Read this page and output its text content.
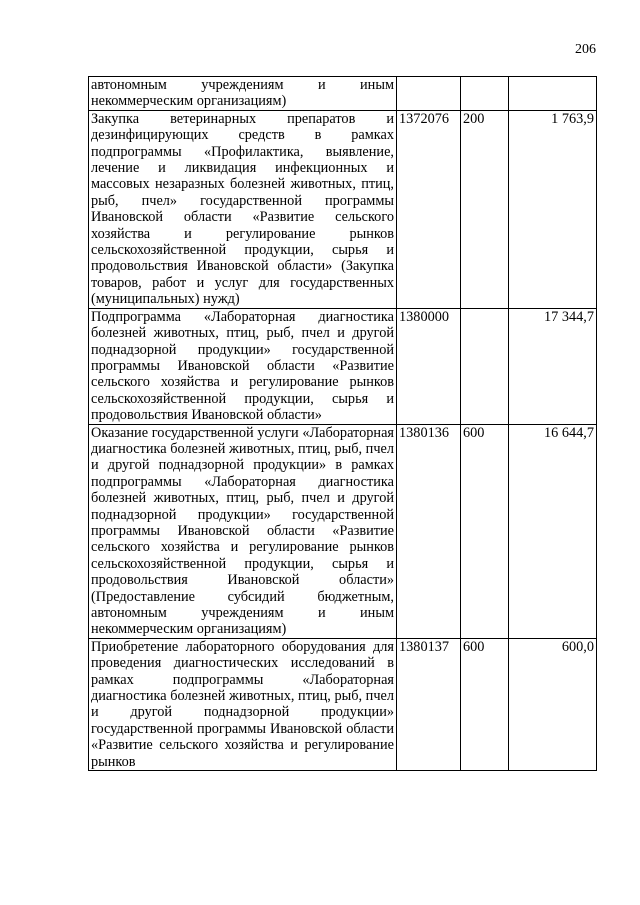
206
автономным учреждениям и иным некоммерческим организациям)			

Закупка ветеринарных препаратов и дезинфицирующих средств в рамках подпрограммы «Профилактика, выявление, лечение и ликвидация инфекционных и массовых незаразных болезней животных, птиц, рыб, пчел» государственной программы Ивановской области «Развитие сельского хозяйства и регулирование рынков сельскохозяйственной продукции, сырья и продовольствия Ивановской области» (Закупка товаров, работ и услуг для государственных (муниципальных) нужд)	1372076	200	1 763,9

Подпрограмма «Лабораторная диагностика болезней животных, птиц, рыб, пчел и другой поднадзорной продукции» государственной программы Ивановской области «Развитие сельского хозяйства и регулирование рынков сельскохозяйственной продукции, сырья и продовольствия Ивановской области»	1380000		17 344,7

Оказание государственной услуги «Лабораторная диагностика болезней животных, птиц, рыб, пчел и другой поднадзорной продукции» в рамках подпрограммы «Лабораторная диагностика болезней животных, птиц, рыб, пчел и другой поднадзорной продукции» государственной программы Ивановской области «Развитие сельского хозяйства и регулирование рынков сельскохозяйственной продукции, сырья и продовольствия Ивановской области» (Предоставление субсидий бюджетным, автономным учреждениям и иным некоммерческим организациям)	1380136	600	16 644,7

Приобретение лабораторного оборудования для проведения диагностических исследований в рамках подпрограммы «Лабораторная диагностика болезней животных, птиц, рыб, пчел и другой поднадзорной продукции» государственной программы Ивановской области «Развитие сельского хозяйства и регулирование рынков	1380137	600	600,0
